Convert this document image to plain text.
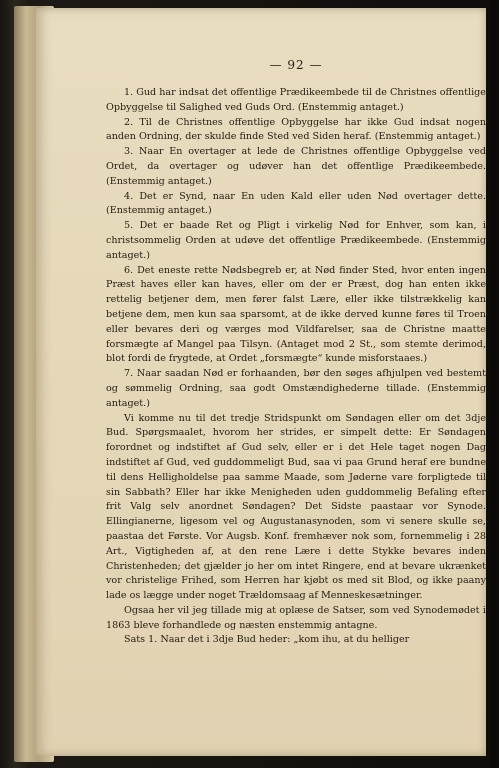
— 92 —

1. Gud har indsat det offentlige Prædikeembede til de Christnes offentlige Opbyggelse til Salighed ved Guds Ord. (Enstemmig antaget.)

2. Til de Christnes offentlige Opbyggelse har ikke Gud indsat nogen anden Ordning, der skulde finde Sted ved Siden heraf. (Enstemmig antaget.)

3. Naar En overtager at lede de Christnes offentlige Opbyggelse ved Ordet, da overtager og udøver han det offentlige Prædikeembede. (Enstemmig antaget.)

4. Det er Synd, naar En uden Kald eller uden Nød overtager dette. (Enstemmig antaget.)

5. Det er baade Ret og Pligt i virkelig Nød for Enhver, som kan, i christsommelig Orden at udøve det offentlige Prædikeembede. (Enstemmig antaget.)

6. Det eneste rette Nødsbegreb er, at Nød finder Sted, hvor enten ingen Præst haves eller kan haves, eller om der er Præst, dog han enten ikke rettelig betjener dem, men fører falst Lære, eller ikke tilstrækkelig kan betjene dem, men kun saa sparsomt, at de ikke derved kunne føres til Troen eller bevares deri og værges mod Vildfarelser, saa de Christne maatte forsmægte af Mangel paa Tilsyn. (Antaget mod 2 St., som stemte derimod, blot fordi de frygtede, at Ordet „forsmægte“ kunde misforstaaes.)

7. Naar saadan Nød er forhaanden, bør den søges afhjulpen ved bestemt og sømmelig Ordning, saa godt Omstændighederne tillade. (Enstemmig antaget.)

Vi komme nu til det tredje Stridspunkt om Søndagen eller om det 3dje Bud. Spørgsmaalet, hvorom her strides, er simpelt dette: Er Søndagen forordnet og indstiftet af Gud selv, eller er i det Hele taget nogen Dag indstiftet af Gud, ved guddommeligt Bud, saa vi paa Grund heraf ere bundne til dens Helligholdelse paa samme Maade, som Jøderne vare forpligtede til sin Sabbath? Eller har ikke Menigheden uden guddommelig Befaling efter frit Valg selv anordnet Søndagen? Det Sidste paastaar vor Synode. Ellingianerne, ligesom vel og Augustanasynoden, som vi senere skulle se, paastaa det Første. Vor Augsb. Konf. fremhæver nok som, fornemmelig i 28 Art., Vigtigheden af, at den rene Lære i dette Stykke bevares inden Christenheden; det gjælder jo her om intet Ringere, end at bevare ukrænket vor christelige Frihed, som Herren har kjøbt os med sit Blod, og ikke paany lade os lægge under noget Trældomsaag af Menneskesætninger.

Ogsaa her vil jeg tillade mig at oplæse de Satser, som ved Synodemødet i 1863 bleve forhandlede og næsten enstemmig antagne.

Sats 1. Naar det i 3dje Bud heder: „kom ihu, at du helliger
